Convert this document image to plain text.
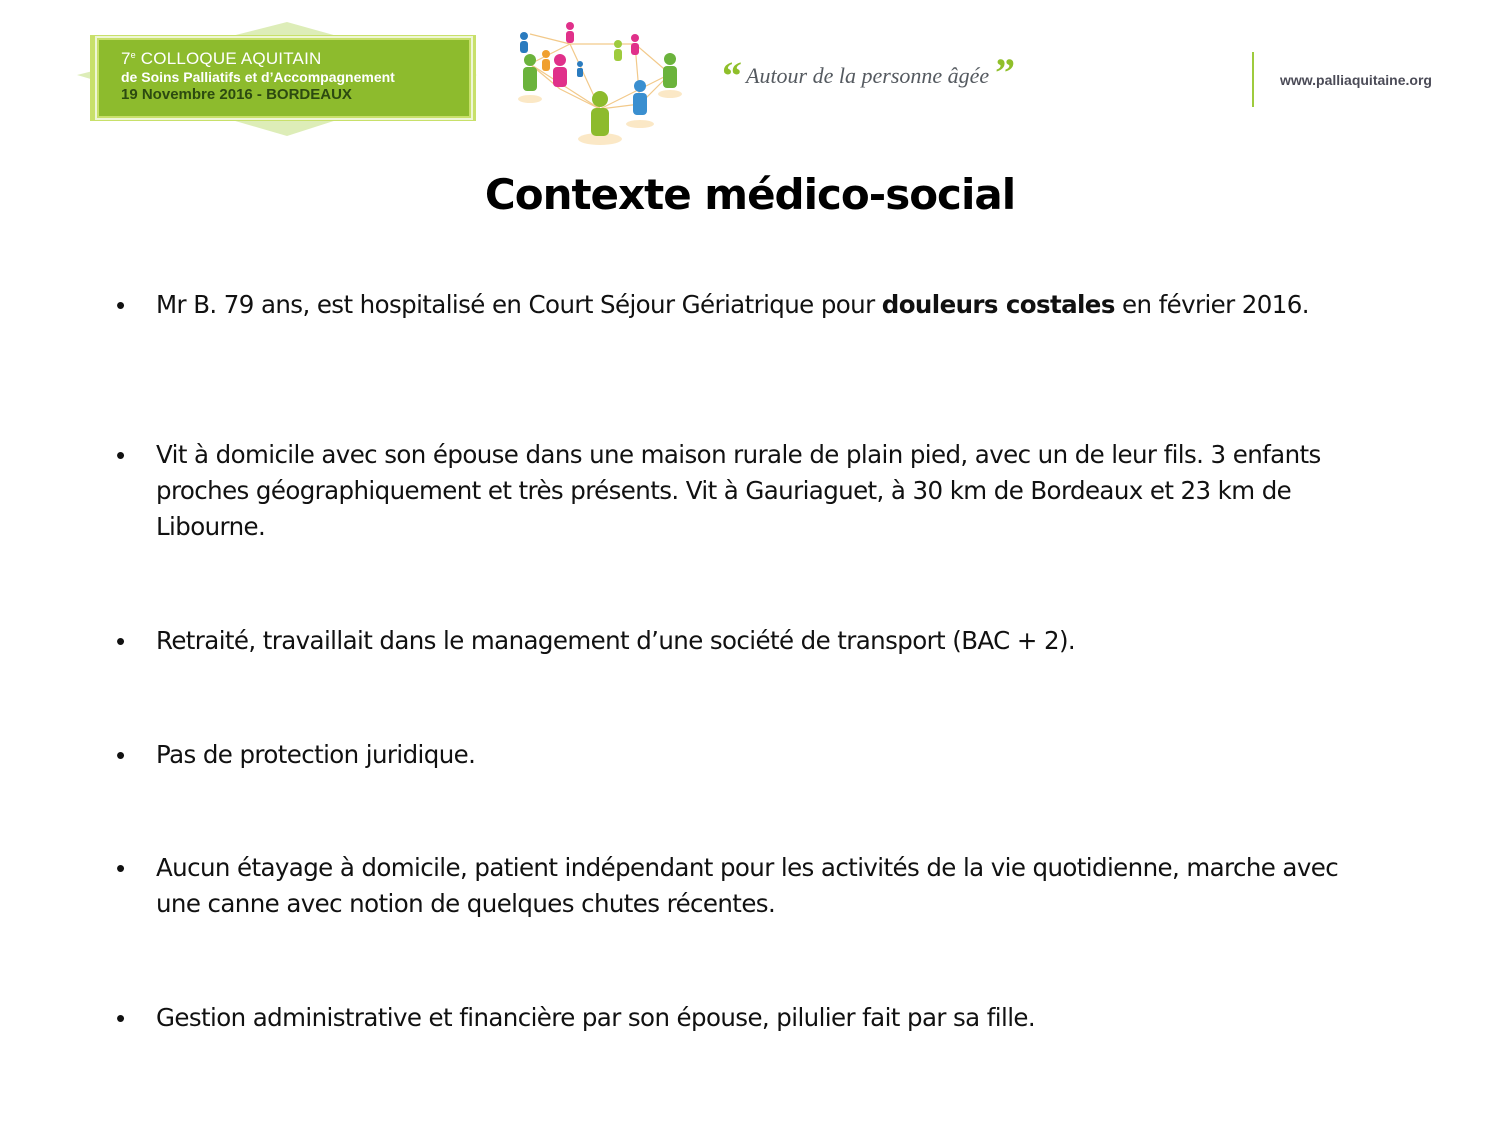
7e COLLOQUE AQUITAIN
de Soins Palliatifs et d’Accompagnement
19 Novembre 2016 - BORDEAUX	“ Autour de la personne âgée ”	www.palliaquitaine.org
Contexte médico-social
• Mr B. 79 ans, est hospitalisé en Court Séjour Gériatrique pour douleurs costales en février 2016.
• Vit à domicile avec son épouse dans une maison rurale de plain pied, avec un de leur fils. 3 enfants proches géographiquement et très présents. Vit à Gauriaguet, à 30 km de Bordeaux et 23 km de Libourne.
• Retraité, travaillait dans le management d’une société de transport (BAC + 2).
• Pas de protection juridique.
• Aucun étayage à domicile, patient indépendant pour les activités de la vie quotidienne, marche avec une canne avec notion de quelques chutes récentes.
• Gestion administrative et financière par son épouse, pilulier fait par sa fille.
